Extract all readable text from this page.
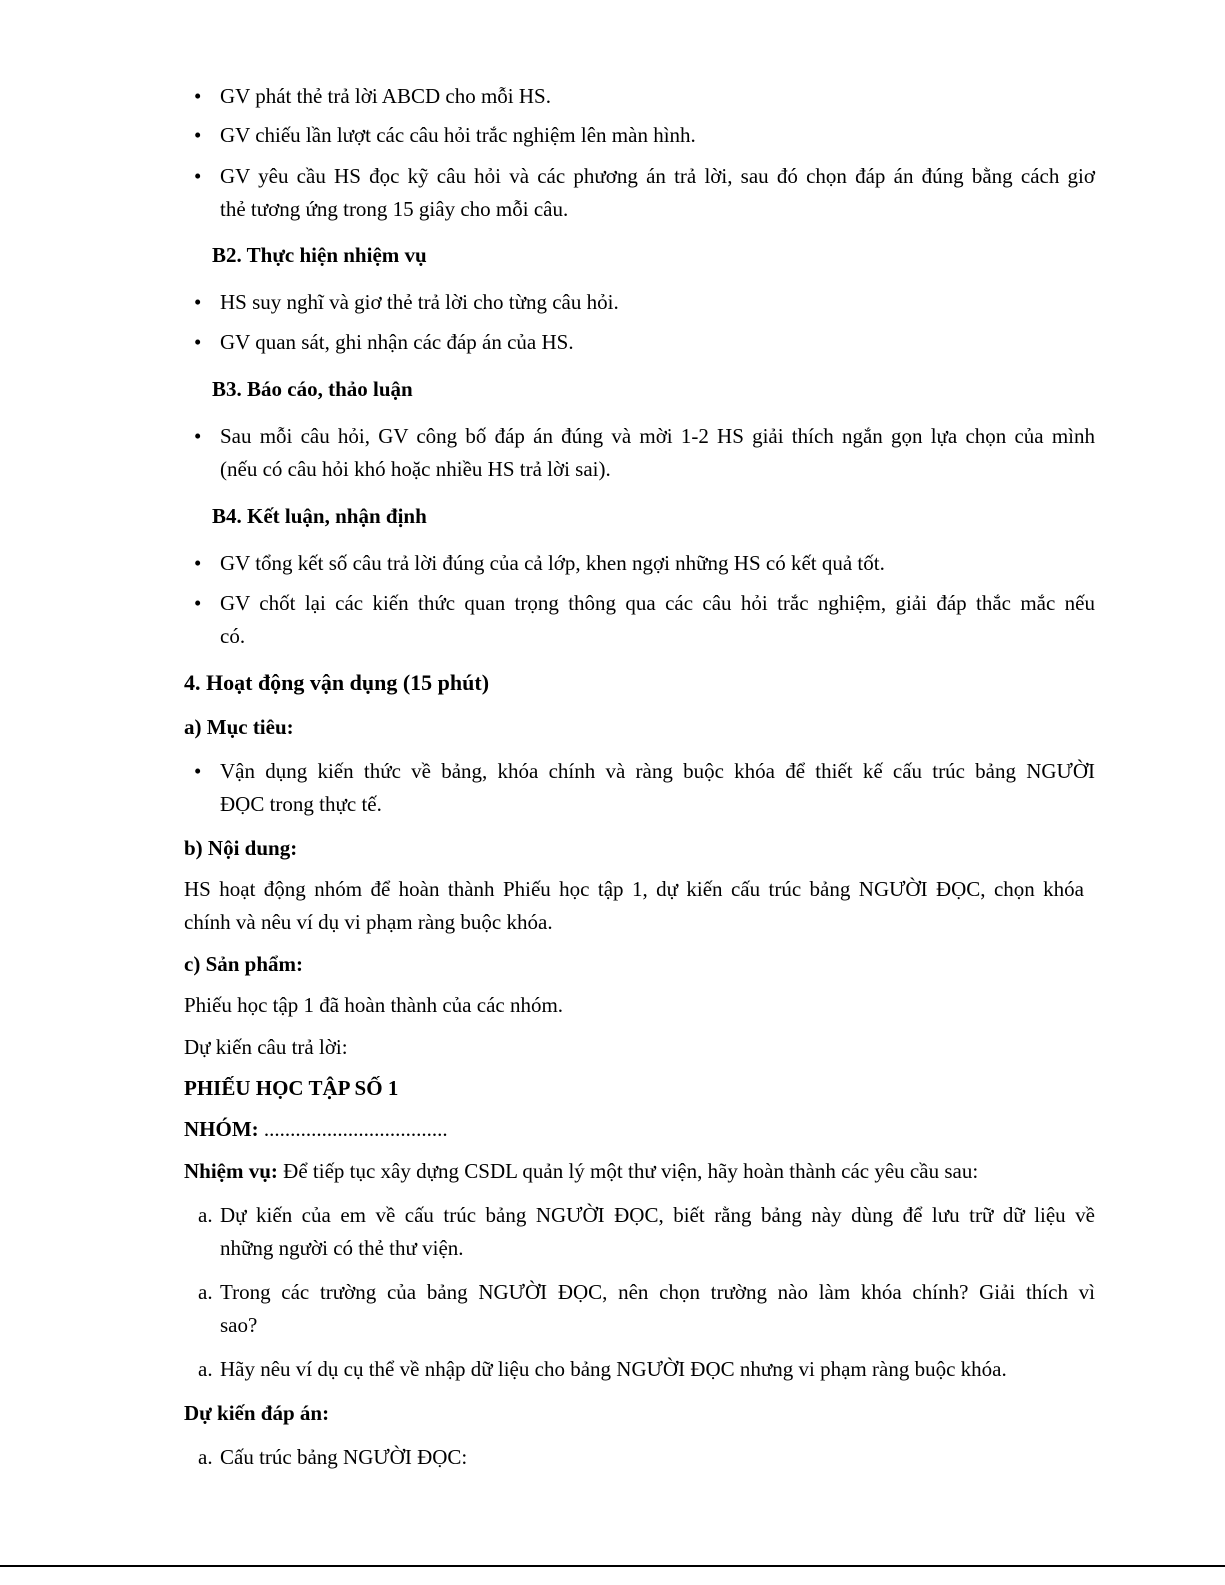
• GV phát thẻ trả lời ABCD cho mỗi HS.
• GV chiếu lần lượt các câu hỏi trắc nghiệm lên màn hình.
• GV yêu cầu HS đọc kỹ câu hỏi và các phương án trả lời, sau đó chọn đáp án đúng bằng cách giơ
thẻ tương ứng trong 15 giây cho mỗi câu.
B2. Thực hiện nhiệm vụ
• HS suy nghĩ và giơ thẻ trả lời cho từng câu hỏi.
• GV quan sát, ghi nhận các đáp án của HS.
B3. Báo cáo, thảo luận
• Sau mỗi câu hỏi, GV công bố đáp án đúng và mời 1-2 HS giải thích ngắn gọn lựa chọn của mình
(nếu có câu hỏi khó hoặc nhiều HS trả lời sai).
B4. Kết luận, nhận định
• GV tổng kết số câu trả lời đúng của cả lớp, khen ngợi những HS có kết quả tốt.
• GV chốt lại các kiến thức quan trọng thông qua các câu hỏi trắc nghiệm, giải đáp thắc mắc nếu
có.
4. Hoạt động vận dụng (15 phút)
a) Mục tiêu:
• Vận dụng kiến thức về bảng, khóa chính và ràng buộc khóa để thiết kế cấu trúc bảng NGƯỜI
ĐỌC trong thực tế.
b) Nội dung:
HS hoạt động nhóm để hoàn thành Phiếu học tập 1, dự kiến cấu trúc bảng NGƯỜI ĐỌC, chọn khóa
chính và nêu ví dụ vi phạm ràng buộc khóa.
c) Sản phẩm:
Phiếu học tập 1 đã hoàn thành của các nhóm.
Dự kiến câu trả lời:
PHIẾU HỌC TẬP SỐ 1
NHÓM: ...................................
Nhiệm vụ: Để tiếp tục xây dựng CSDL quản lý một thư viện, hãy hoàn thành các yêu cầu sau:
a. Dự kiến của em về cấu trúc bảng NGƯỜI ĐỌC, biết rằng bảng này dùng để lưu trữ dữ liệu về
những người có thẻ thư viện.
a. Trong các trường của bảng NGƯỜI ĐỌC, nên chọn trường nào làm khóa chính? Giải thích vì
sao?
a. Hãy nêu ví dụ cụ thể về nhập dữ liệu cho bảng NGƯỜI ĐỌC nhưng vi phạm ràng buộc khóa.
Dự kiến đáp án:
a. Cấu trúc bảng NGƯỜI ĐỌC:
